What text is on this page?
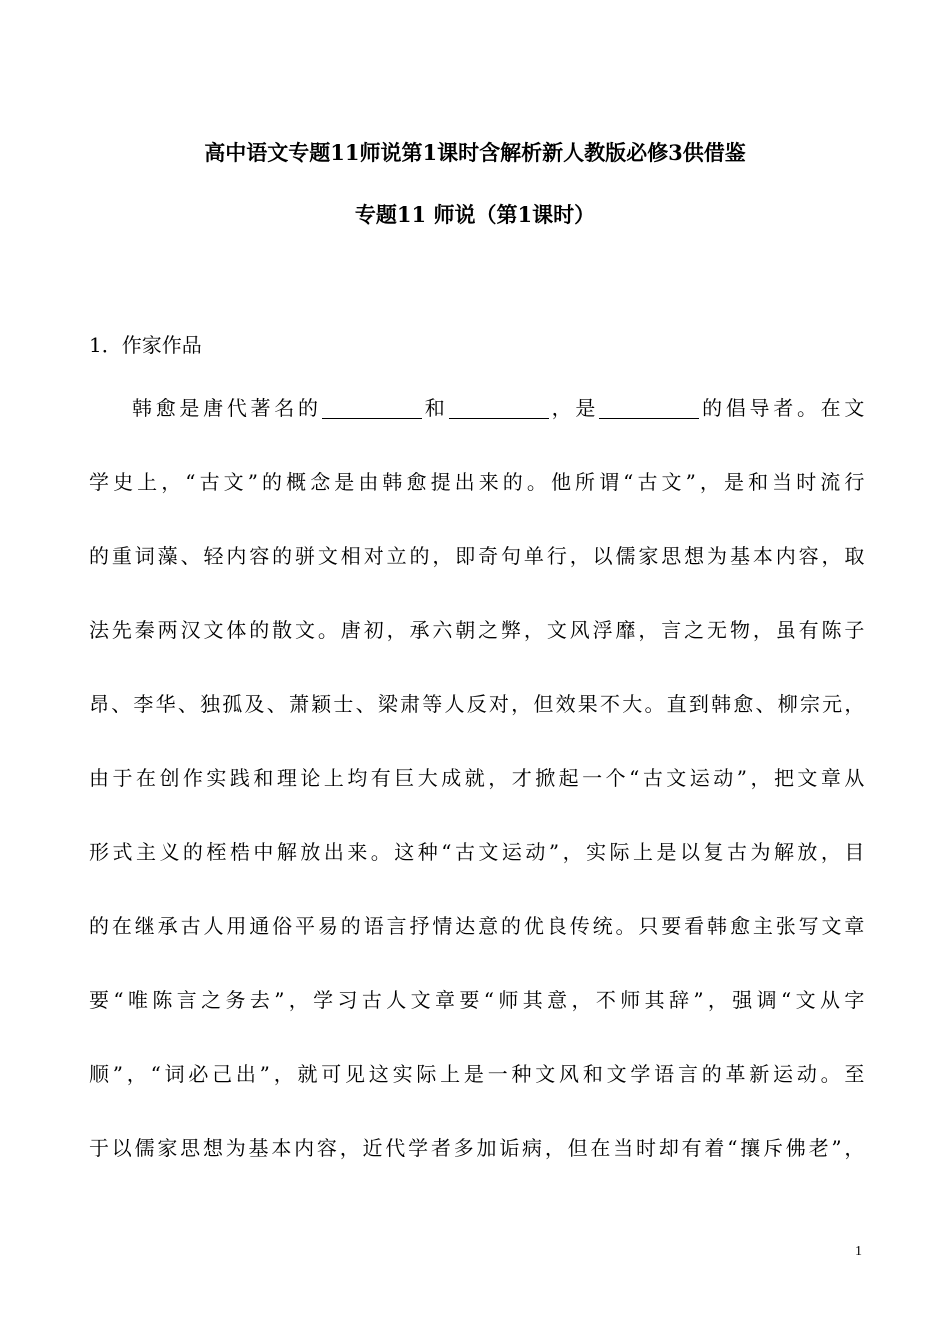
高中语文专题11师说第1课时含解析新人教版必修3供借鉴
专题11 师说（第1课时）
1．作家作品
韩愈是唐代著名的	和	，是	的倡导者。在文
学史上，“古文”的概念是由韩愈提出来的。他所谓“古文”，是和当时流行
的重词藻、轻内容的骈文相对立的，即奇句单行，以儒家思想为基本内容，取
法先秦两汉文体的散文。唐初，承六朝之弊，文风浮靡，言之无物，虽有陈子
昂、李华、独孤及、萧颖士、梁肃等人反对，但效果不大。直到韩愈、柳宗元，
由于在创作实践和理论上均有巨大成就，才掀起一个“古文运动”，把文章从
形式主义的桎梏中解放出来。这种“古文运动”，实际上是以复古为解放，目
的在继承古人用通俗平易的语言抒情达意的优良传统。只要看韩愈主张写文章
要“唯陈言之务去”，学习古人文章要“师其意，不师其辞”，强调“文从字
顺”，“词必己出”，就可见这实际上是一种文风和文学语言的革新运动。至
于以儒家思想为基本内容，近代学者多加诟病，但在当时却有着“攘斥佛老”，
1
